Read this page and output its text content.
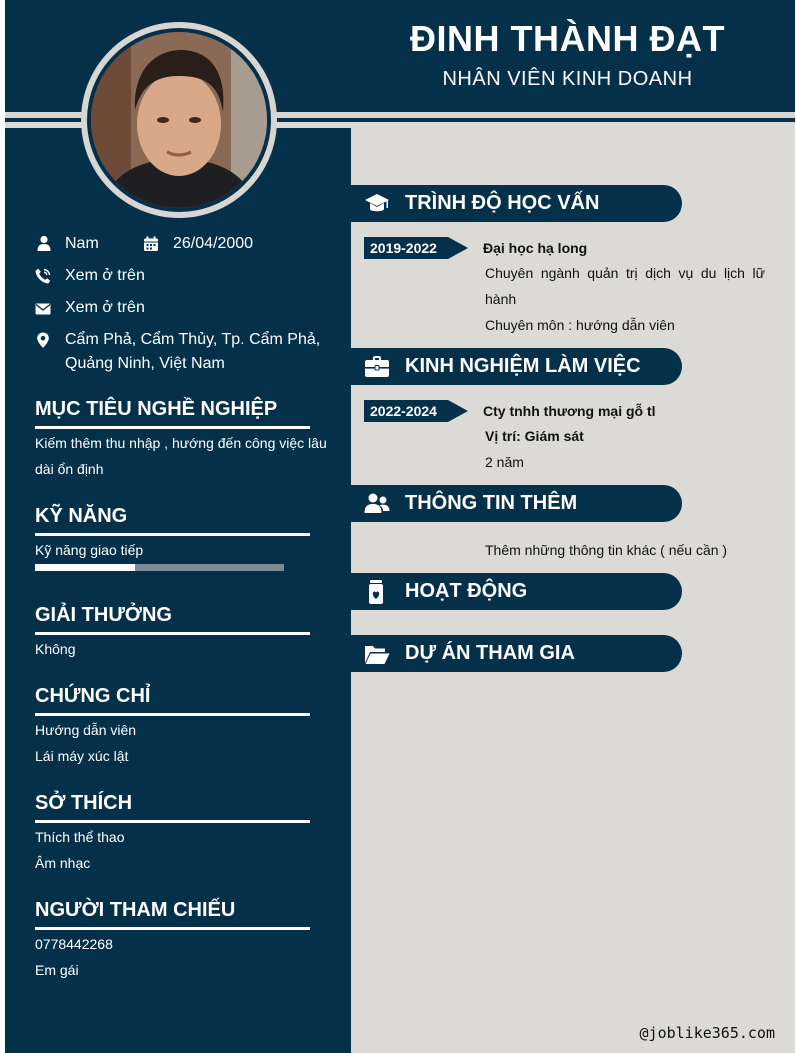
ĐINH THÀNH ĐẠT
NHÂN VIÊN KINH DOANH
Nam	26/04/2000
Xem ở trên
Xem ở trên
Cẩm Phả, Cẩm Thủy, Tp. Cẩm Phả,
Quảng Ninh, Việt Nam
MỤC TIÊU NGHỀ NGHIỆP
Kiếm thêm thu nhập , hướng đến công việc lâu
dài ổn định
KỸ NĂNG
Kỹ năng giao tiếp
GIẢI THƯỞNG
Không
CHỨNG CHỈ
Hướng dẫn viên
Lái máy xúc lật
SỞ THÍCH
Thích thể thao
Âm nhạc
NGƯỜI THAM CHIẾU
0778442268
Em gái
TRÌNH ĐỘ HỌC VẤN
2019-2022	Đại học hạ long
Chuyên ngành quản trị dịch vụ du lịch lữ hành
Chuyên môn : hướng dẫn viên
KINH NGHIỆM LÀM VIỆC
2022-2024	Cty tnhh thương mại gỗ tl
Vị trí: Giám sát
2 năm
THÔNG TIN THÊM
Thêm những thông tin khác ( nếu cần )
HOẠT ĐỘNG
DỰ ÁN THAM GIA
@joblike365.com
